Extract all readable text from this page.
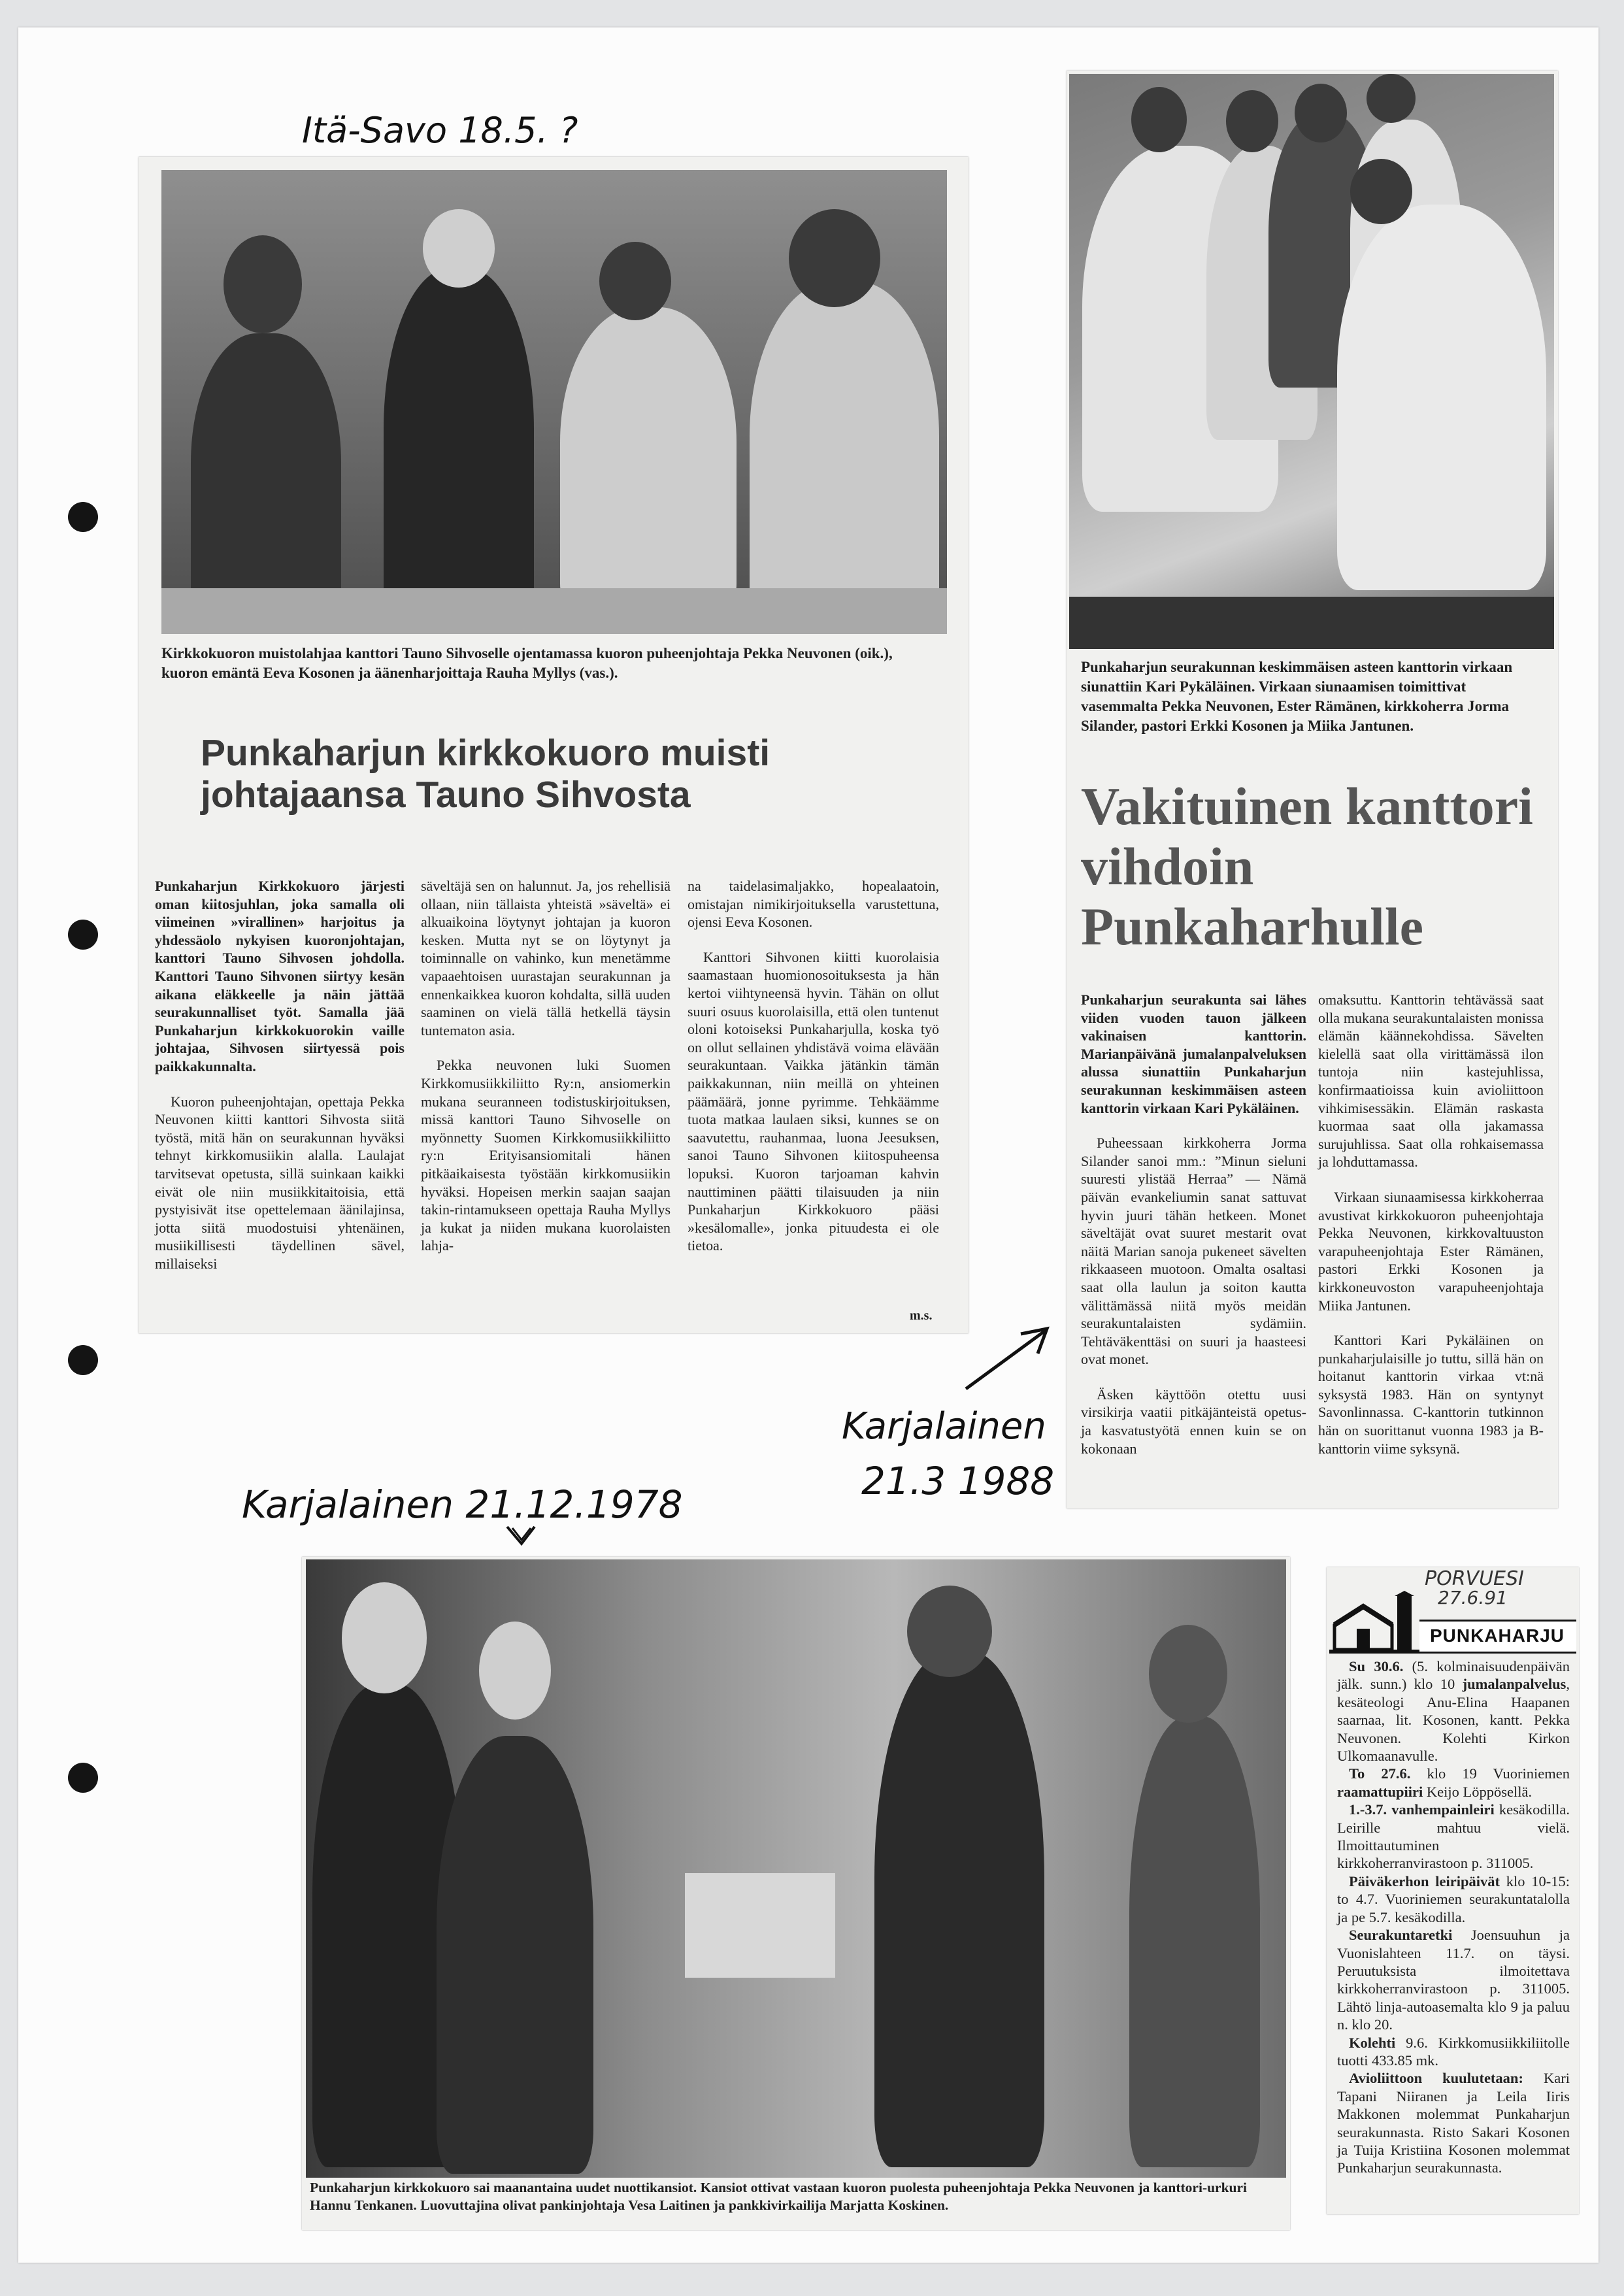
Itä-Savo 18.5. ?
Kirkkokuoron muistolahjaa kanttori Tauno Sihvoselle ojentamassa kuoron puheenjohtaja Pekka Neuvonen (oik.), kuoron emäntä Eeva Kosonen ja äänenharjoittaja Rauha Myllys (vas.).
Punkaharjun kirkkokuoro muisti johtajaansa Tauno Sihvosta

Punkaharjun Kirkkokuoro järjesti oman kiitosjuhlan, joka samalla oli viimeinen »virallinen» harjoitus ja yhdessäolo nykyisen kuoronjohtajan, kanttori Tauno Sihvosen johdolla. Kanttori Tauno Sihvonen siirtyy kesän aikana eläkkeelle ja näin jättää seurakunnalliset työt. Samalla jää Punkaharjun kirkkokuorokin vaille johtajaa, Sihvosen siirtyessä pois paikkakunnalta.

Kuoron puheenjohtajan, opettaja Pekka Neuvonen kiitti kanttori Sihvosta siitä työstä, mitä hän on seurakunnan hyväksi tehnyt kirkkomusiikin alalla. Laulajat tarvitsevat opetusta, sillä suinkaan kaikki eivät ole niin musiikkitaitoisia, että pystyisivät itse opettelemaan äänilajinsa, jotta siitä muodostuisi yhtenäinen, musiikillisesti täydellinen sävel, millaiseksi

säveltäjä sen on halunnut. Ja, jos rehellisiä ollaan, niin tällaista yhteistä »säveltä» ei alkuaikoina löytynyt johtajan ja kuoron kesken. Mutta nyt se on löytynyt ja toiminnalle on vahinko, kun menetämme vapaaehtoisen uurastajan seurakunnan ja ennenkaikkea kuoron kohdalta, sillä uuden saaminen on vielä tällä hetkellä täysin tuntematon asia.

Pekka neuvonen luki Suomen Kirkkomusiikkiliitto Ry:n, ansiomerkin mukana seuranneen todistuskirjoituksen, missä kanttori Tauno Sihvoselle on myönnetty Suomen Kirkkomusiikkiliitto ry:n Erityisansiomitali hänen pitkäaikaisesta työstään kirkkomusiikin hyväksi. Hopeisen merkin saajan saajan takin-rintamukseen opettaja Rauha Myllys ja kukat ja niiden mukana kuorolaisten lahja-

na taidelasimaljakko, hopealaatoin, omistajan nimikirjoituksella varustettuna, ojensi Eeva Kosonen.

Kanttori Sihvonen kiitti kuorolaisia saamastaan huomionosoituksesta ja hän kertoi viihtyneensä hyvin. Tähän on ollut suuri osuus kuorolaisilla, että olen tuntenut oloni kotoiseksi Punkaharjulla, koska työ on ollut sellainen yhdistävä voima elävään seurakuntaan. Vaikka jätänkin tämän paikkakunnan, niin meillä on yhteinen päämäärä, jonne pyrimme. Tehkäämme tuota matkaa laulaen siksi, kunnes se on saavutettu, rauhanmaa, luona Jeesuksen, sanoi Tauno Sihvonen kiitospuheensa lopuksi. Kuoron tarjoaman kahvin nauttiminen päätti tilaisuuden ja niin Punkaharjun Kirkkokuoro pääsi »kesälomalle», jonka pituudesta ei ole tietoa.

m.s.
Punkaharjun seurakunnan keskimmäisen asteen kanttorin virkaan siunattiin Kari Pykäläinen. Virkaan siunaamisen toimittivat vasemmalta Pekka Neuvonen, Ester Rämänen, kirkkoherra Jorma Silander, pastori Erkki Kosonen ja Miika Jantunen.
Vakituinen kanttori vihdoin Punkaharhulle

Punkaharjun seurakunta sai lähes viiden vuoden tauon jälkeen vakinaisen kanttorin. Marianpäivänä jumalanpalveluksen alussa siunattiin Punkaharjun seurakunnan keskimmäisen asteen kanttorin virkaan Kari Pykäläinen.

Puheessaan kirkkoherra Jorma Silander sanoi mm.: ”Minun sieluni suuresti ylistää Herraa” — Nämä päivän evankeliumin sanat sattuvat hyvin juuri tähän hetkeen. Monet säveltäjät ovat suuret mestarit ovat näitä Marian sanoja pukeneet sävelten rikkaaseen muotoon. Omalta osaltasi saat olla laulun ja soiton kautta välittämässä niitä myös meidän seurakuntalaisten sydämiin. Tehtäväkenttäsi on suuri ja haasteesi ovat monet.

Äsken käyttöön otettu uusi virsikirja vaatii pitkäjänteistä opetus- ja kasvatustyötä ennen kuin se on kokonaan

omaksuttu. Kanttorin tehtävässä saat olla mukana seurakuntalaisten monissa elämän käännekohdissa. Sävelten kielellä saat olla virittämässä ilon tuntoja niin kastejuhlissa, konfirmaatioissa kuin avioliittoon vihkimisessäkin. Elämän raskasta kuormaa saat olla jakamassa surujuhlissa. Saat olla rohkaisemassa ja lohduttamassa.

Virkaan siunaamisessa kirkkoherraa avustivat kirkkokuoron puheenjohtaja Pekka Neuvonen, kirkkovaltuuston varapuheenjohtaja Ester Rämänen, pastori Erkki Kosonen ja kirkkoneuvoston varapuheenjohtaja Miika Jantunen.

Kanttori Kari Pykäläinen on punkaharjulaisille jo tuttu, sillä hän on hoitanut kanttorin virkaa vt:nä syksystä 1983. Hän on syntynyt Savonlinnassa. C-kanttorin tutkinnon hän on suorittanut vuonna 1983 ja B-kanttorin viime syksynä.

Karjalainen
21.3 1988
Karjalainen 21.12.1978
Punkaharjun kirkkokuoro sai maanantaina uudet nuottikansiot. Kansiot ottivat vastaan kuoron puolesta puheenjohtaja Pekka Neuvonen ja kanttori-urkuri Hannu Tenkanen. Luovuttajina olivat pankinjohtaja Vesa Laitinen ja pankkivirkailija Marjatta Koskinen.
PORVUESI
27.6.91
PUNKAHARJU

Su 30.6. (5. kolminaisuudenpäivän jälk. sunn.) klo 10 jumalanpalvelus, kesäteologi Anu-Elina Haapanen saarnaa, lit. Kosonen, kantt. Pekka Neuvonen. Kolehti Kirkon Ulkomaanavulle.

To 27.6. klo 19 Vuoriniemen raamattupiiri Keijo Löppösellä.

1.-3.7. vanhempainleiri kesäkodilla. Leirille mahtuu vielä. Ilmoittautuminen kirkkoherranvirastoon p. 311005.

Päiväkerhon leiripäivät klo 10-15: to 4.7. Vuoriniemen seurakuntatalolla ja pe 5.7. kesäkodilla.

Seurakuntaretki Joensuuhun ja Vuonislahteen 11.7. on täysi. Peruutuksista ilmoitettava kirkkoherranvirastoon p. 311005. Lähtö linja-autoasemalta klo 9 ja paluu n. klo 20.

Kolehti 9.6. Kirkkomusiikkiliitolle tuotti 433.85 mk.

Avioliittoon kuulutetaan: Kari Tapani Niiranen ja Leila Iiris Makkonen molemmat Punkaharjun seurakunnasta. Risto Sakari Kosonen ja Tuija Kristiina Kosonen molemmat Punkaharjun seurakunnasta.
